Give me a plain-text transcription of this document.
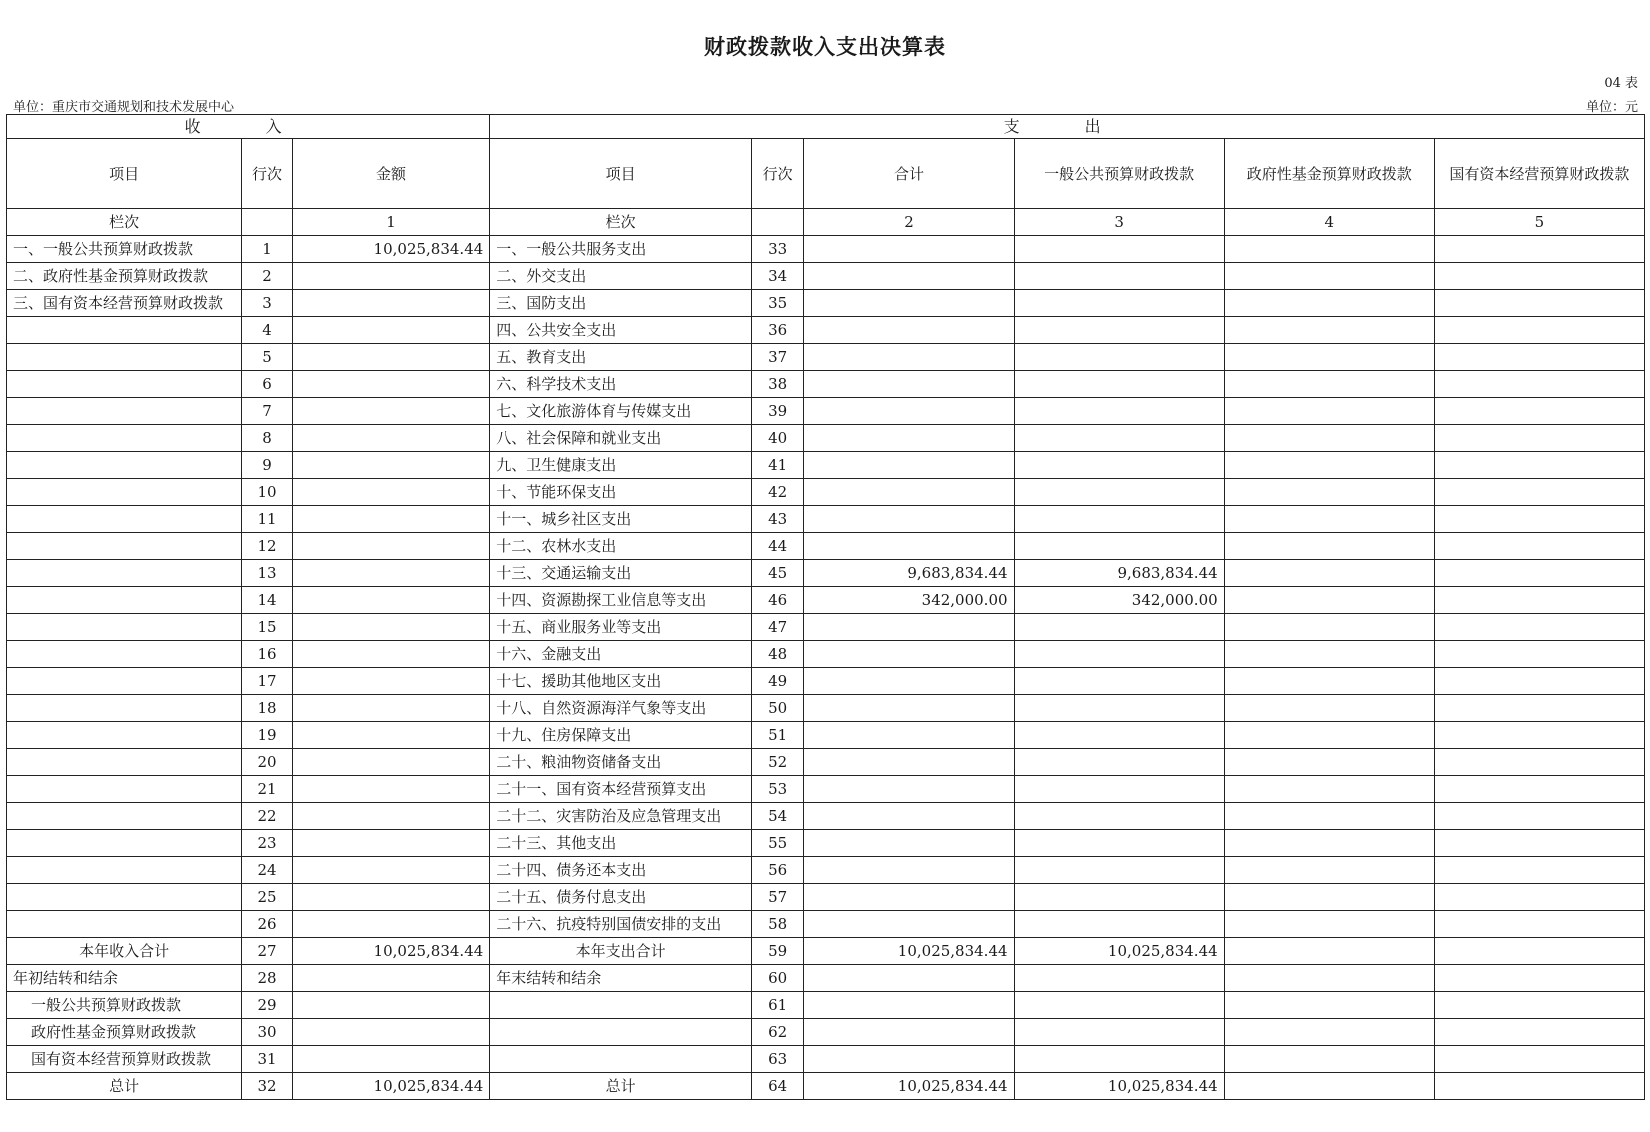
财政拨款收入支出决算表
04 表
单位：重庆市交通规划和技术发展中心	单位：元
收 入			支 出					
项目	行次	金额	项目	行次	合计	一般公共预算财政拨款	政府性基金预算财政拨款	国有资本经营预算财政拨款
栏次		1	栏次		2	3	4	5
一、一般公共预算财政拨款	1	10,025,834.44	一、一般公共服务支出	33				
二、政府性基金预算财政拨款	2		二、外交支出	34				
三、国有资本经营预算财政拨款	3		三、国防支出	35				
	4		四、公共安全支出	36				
	5		五、教育支出	37				
	6		六、科学技术支出	38				
	7		七、文化旅游体育与传媒支出	39				
	8		八、社会保障和就业支出	40				
	9		九、卫生健康支出	41				
	10		十、节能环保支出	42				
	11		十一、城乡社区支出	43				
	12		十二、农林水支出	44				
	13		十三、交通运输支出	45	9,683,834.44	9,683,834.44		
	14		十四、资源勘探工业信息等支出	46	342,000.00	342,000.00		
	15		十五、商业服务业等支出	47				
	16		十六、金融支出	48				
	17		十七、援助其他地区支出	49				
	18		十八、自然资源海洋气象等支出	50				
	19		十九、住房保障支出	51				
	20		二十、粮油物资储备支出	52				
	21		二十一、国有资本经营预算支出	53				
	22		二十二、灾害防治及应急管理支出	54				
	23		二十三、其他支出	55				
	24		二十四、债务还本支出	56				
	25		二十五、债务付息支出	57				
	26		二十六、抗疫特别国债安排的支出	58				
本年收入合计	27	10,025,834.44	本年支出合计	59	10,025,834.44	10,025,834.44		
年初结转和结余	28		年末结转和结余	60				
一般公共预算财政拨款	29			61				
政府性基金预算财政拨款	30			62				
国有资本经营预算财政拨款	31			63				
总计	32	10,025,834.44	总计	64	10,025,834.44	10,025,834.44		
